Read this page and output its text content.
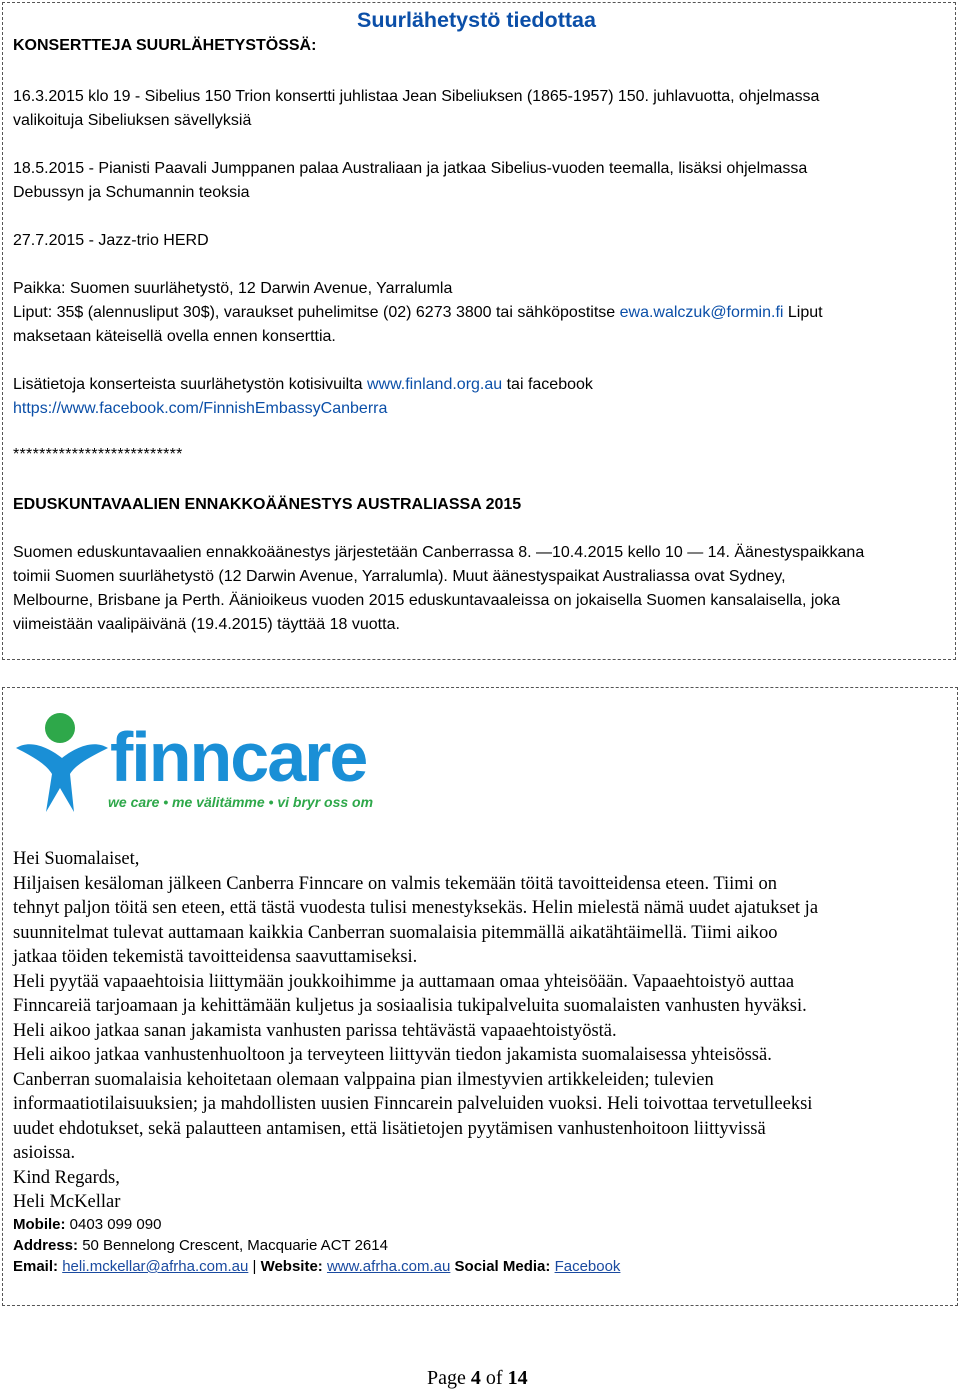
KONSERTTEJA SUURLÄHETYSTÖSSÄ:
Suurlähetystö tiedottaa
16.3.2015 klo 19 - Sibelius 150 Trion konsertti juhlistaa Jean Sibeliuksen (1865-1957) 150. juhlavuotta, ohjelmassa
valikoituja Sibeliuksen sävellyksiä
18.5.2015 - Pianisti Paavali Jumppanen palaa Australiaan ja jatkaa Sibelius-vuoden teemalla, lisäksi ohjelmassa
Debussyn ja Schumannin teoksia
27.7.2015 - Jazz-trio HERD
Paikka: Suomen suurlähetystö, 12 Darwin Avenue, Yarralumla
Liput: 35$ (alennusliput 30$), varaukset puhelimitse (02) 6273 3800 tai sähköpostitse ewa.walczuk@formin.fi Liput
maksetaan käteisellä ovella ennen konserttia.
Lisätietoja konserteista suurlähetystön kotisivuilta www.finland.org.au tai facebook
https://www.facebook.com/FinnishEmbassyCanberra
**************************
EDUSKUNTAVAALIEN ENNAKKOÄÄNESTYS AUSTRALIASSA 2015
Suomen eduskuntavaalien ennakkoäänestys järjestetään Canberrassa 8. —10.4.2015 kello 10 — 14. Äänestyspaikkana
toimii Suomen suurlähetystö (12 Darwin Avenue, Yarralumla). Muut äänestyspaikat Australiassa ovat Sydney,
Melbourne, Brisbane ja Perth. Äänioikeus vuoden 2015 eduskuntavaaleissa on jokaisella Suomen kansalaisella, joka
viimeistään vaalipäivänä (19.4.2015) täyttää 18 vuotta.
finncare
we care • me välitämme • vi bryr oss om
Hei Suomalaiset,
Hiljaisen kesäloman jälkeen Canberra Finncare on valmis tekemään töitä tavoitteidensa eteen. Tiimi on
tehnyt paljon töitä sen eteen, että tästä vuodesta tulisi menestyksekäs. Helin mielestä nämä uudet ajatukset ja
suunnitelmat tulevat auttamaan kaikkia Canberran suomalaisia pitemmällä aikatähtäimellä. Tiimi aikoo
jatkaa töiden tekemistä tavoitteidensa saavuttamiseksi.
Heli pyytää vapaaehtoisia liittymään joukkoihimme ja auttamaan omaa yhteisöään. Vapaaehtoistyö auttaa
Finncareiä tarjoamaan ja kehittämään kuljetus ja sosiaalisia tukipalveluita suomalaisten vanhusten hyväksi.
Heli aikoo jatkaa sanan jakamista vanhusten parissa tehtävästä vapaaehtoistyöstä.
Heli aikoo jatkaa vanhustenhuoltoon ja terveyteen liittyvän tiedon jakamista suomalaisessa yhteisössä.
Canberran suomalaisia kehoitetaan olemaan valppaina pian ilmestyvien artikkeleiden; tulevien
informaatiotilaisuuksien; ja mahdollisten uusien Finncarein palveluiden vuoksi. Heli toivottaa tervetulleeksi
uudet ehdotukset, sekä palautteen antamisen, että lisätietojen pyytämisen vanhustenhoitoon liittyvissä
asioissa.
Kind Regards,
Heli McKellar
Mobile: 0403 099 090
Address: 50 Bennelong Crescent, Macquarie ACT 2614
Email: heli.mckellar@afrha.com.au | Website: www.afrha.com.au Social Media: Facebook
Page 4 of 14
